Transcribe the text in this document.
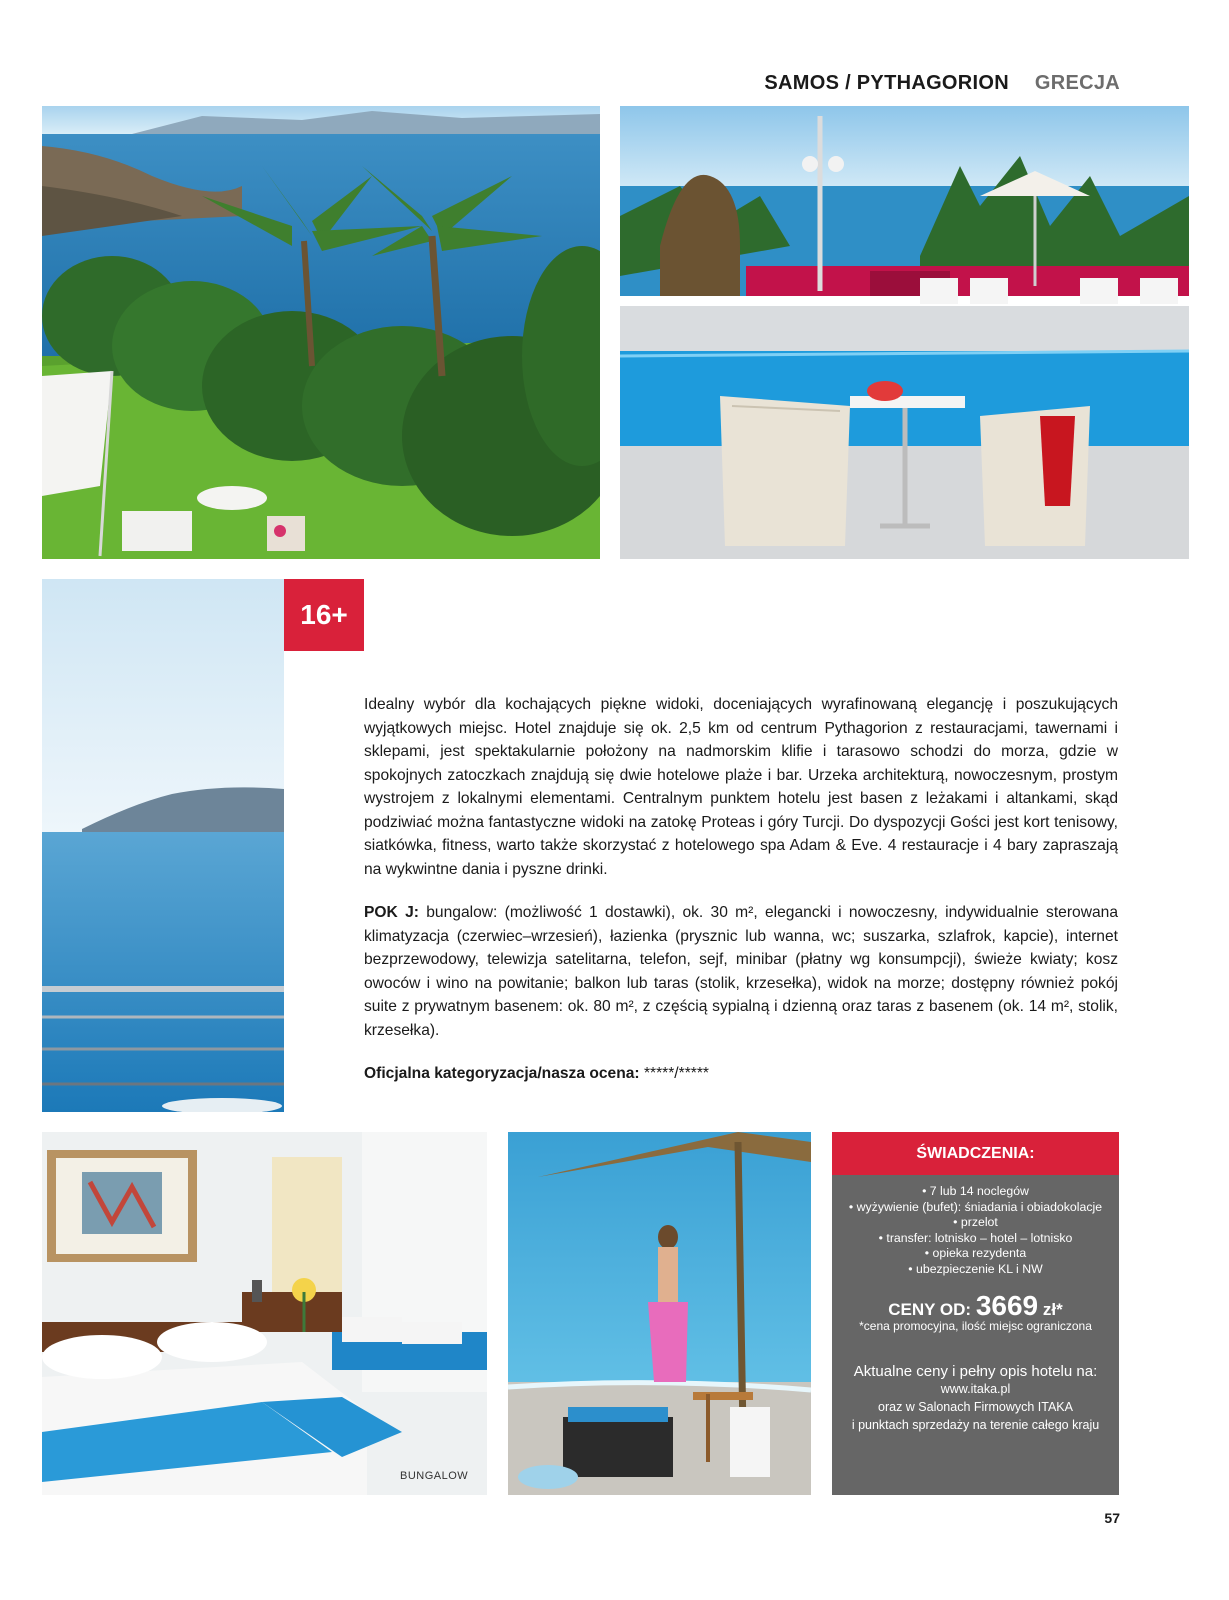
SAMOS / PYTHAGORION GRECJA
16+

Idealny wybór dla kochających piękne widoki, doceniających wyrafinowaną elegancję i poszukujących wyjątkowych miejsc. Hotel znajduje się ok. 2,5 km od centrum Pythagorion z restauracjami, tawernami i sklepami, jest spektakularnie położony na nadmorskim klifie i tarasowo schodzi do morza, gdzie w spokojnych zatoczkach znajdują się dwie hotelowe plaże i bar. Urzeka architekturą, nowoczesnym, prostym wystrojem z lokalnymi elementami. Centralnym punktem hotelu jest basen z leżakami i altankami, skąd podziwiać można fantastyczne widoki na zatokę Proteas i góry Turcji. Do dyspozycji Gości jest kort tenisowy, siatkówka, fitness, warto także skorzystać z hotelowego spa Adam & Eve. 4 restauracje i 4 bary zapraszają na wykwintne dania i pyszne drinki.

POK J: bungalow: (możliwość 1 dostawki), ok. 30 m², elegancki i nowoczesny, indywidualnie sterowana klimatyzacja (czerwiec–wrzesień), łazienka (prysznic lub wanna, wc; suszarka, szlafrok, kapcie), internet bezprzewodowy, telewizja satelitarna, telefon, sejf, minibar (płatny wg konsumpcji), świeże kwiaty; kosz owoców i wino na powitanie; balkon lub taras (stolik, krzesełka), widok na morze; dostępny również pokój suite z prywatnym basenem: ok. 80 m², z częścią sypialną i dzienną oraz taras z basenem (ok. 14 m², stolik, krzesełka).

Oficjalna kategoryzacja/nasza ocena: *****/*****

BUNGALOW
ŚWIADCZENIA:
• 7 lub 14 noclegów
• wyżywienie (bufet): śniadania i obiadokolacje
• przelot
• transfer: lotnisko – hotel – lotnisko
• opieka rezydenta
• ubezpieczenie KL i NW
CENY OD: 3669 zł*
*cena promocyjna, ilość miejsc ograniczona
Aktualne ceny i pełny opis hotelu na:
www.itaka.pl
oraz w Salonach Firmowych ITAKA
i punktach sprzedaży na terenie całego kraju
57
